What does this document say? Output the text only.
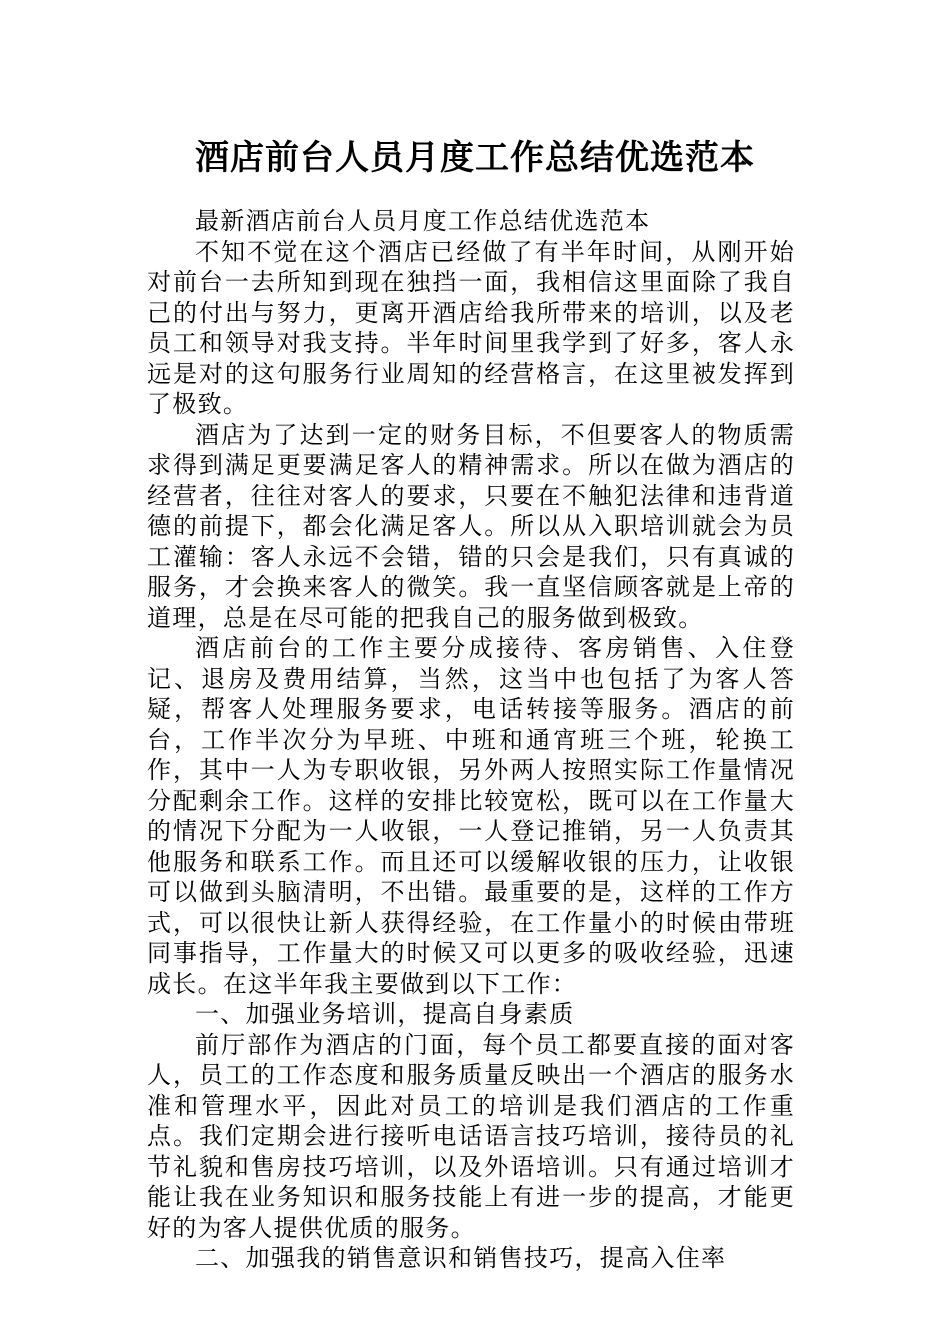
酒店前台人员月度工作总结优选范本

最新酒店前台人员月度工作总结优选范本

不知不觉在这个酒店已经做了有半年时间，从刚开始对前台一去所知到现在独挡一面，我相信这里面除了我自己的付出与努力，更离开酒店给我所带来的培训，以及老员工和领导对我支持。半年时间里我学到了好多，客人永远是对的这句服务行业周知的经营格言，在这里被发挥到了极致。

酒店为了达到一定的财务目标，不但要客人的物质需求得到满足更要满足客人的精神需求。所以在做为酒店的经营者，往往对客人的要求，只要在不触犯法律和违背道德的前提下，都会化满足客人。所以从入职培训就会为员工灌输：客人永远不会错，错的只会是我们，只有真诚的服务，才会换来客人的微笑。我一直坚信顾客就是上帝的道理，总是在尽可能的把我自己的服务做到极致。

酒店前台的工作主要分成接待、客房销售、入住登记、退房及费用结算，当然，这当中也包括了为客人答疑，帮客人处理服务要求，电话转接等服务。酒店的前台，工作半次分为早班、中班和通宵班三个班，轮换工作，其中一人为专职收银，另外两人按照实际工作量情况分配剩余工作。这样的安排比较宽松，既可以在工作量大的情况下分配为一人收银，一人登记推销，另一人负责其他服务和联系工作。而且还可以缓解收银的压力，让收银可以做到头脑清明，不出错。最重要的是，这样的工作方式，可以很快让新人获得经验，在工作量小的时候由带班同事指导，工作量大的时候又可以更多的吸收经验，迅速成长。在这半年我主要做到以下工作：

一、加强业务培训，提高自身素质

前厅部作为酒店的门面，每个员工都要直接的面对客人，员工的工作态度和服务质量反映出一个酒店的服务水准和管理水平，因此对员工的培训是我们酒店的工作重点。我们定期会进行接听电话语言技巧培训，接待员的礼节礼貌和售房技巧培训，以及外语培训。只有通过培训才能让我在业务知识和服务技能上有进一步的提高，才能更好的为客人提供优质的服务。

二、加强我的销售意识和销售技巧，提高入住率
